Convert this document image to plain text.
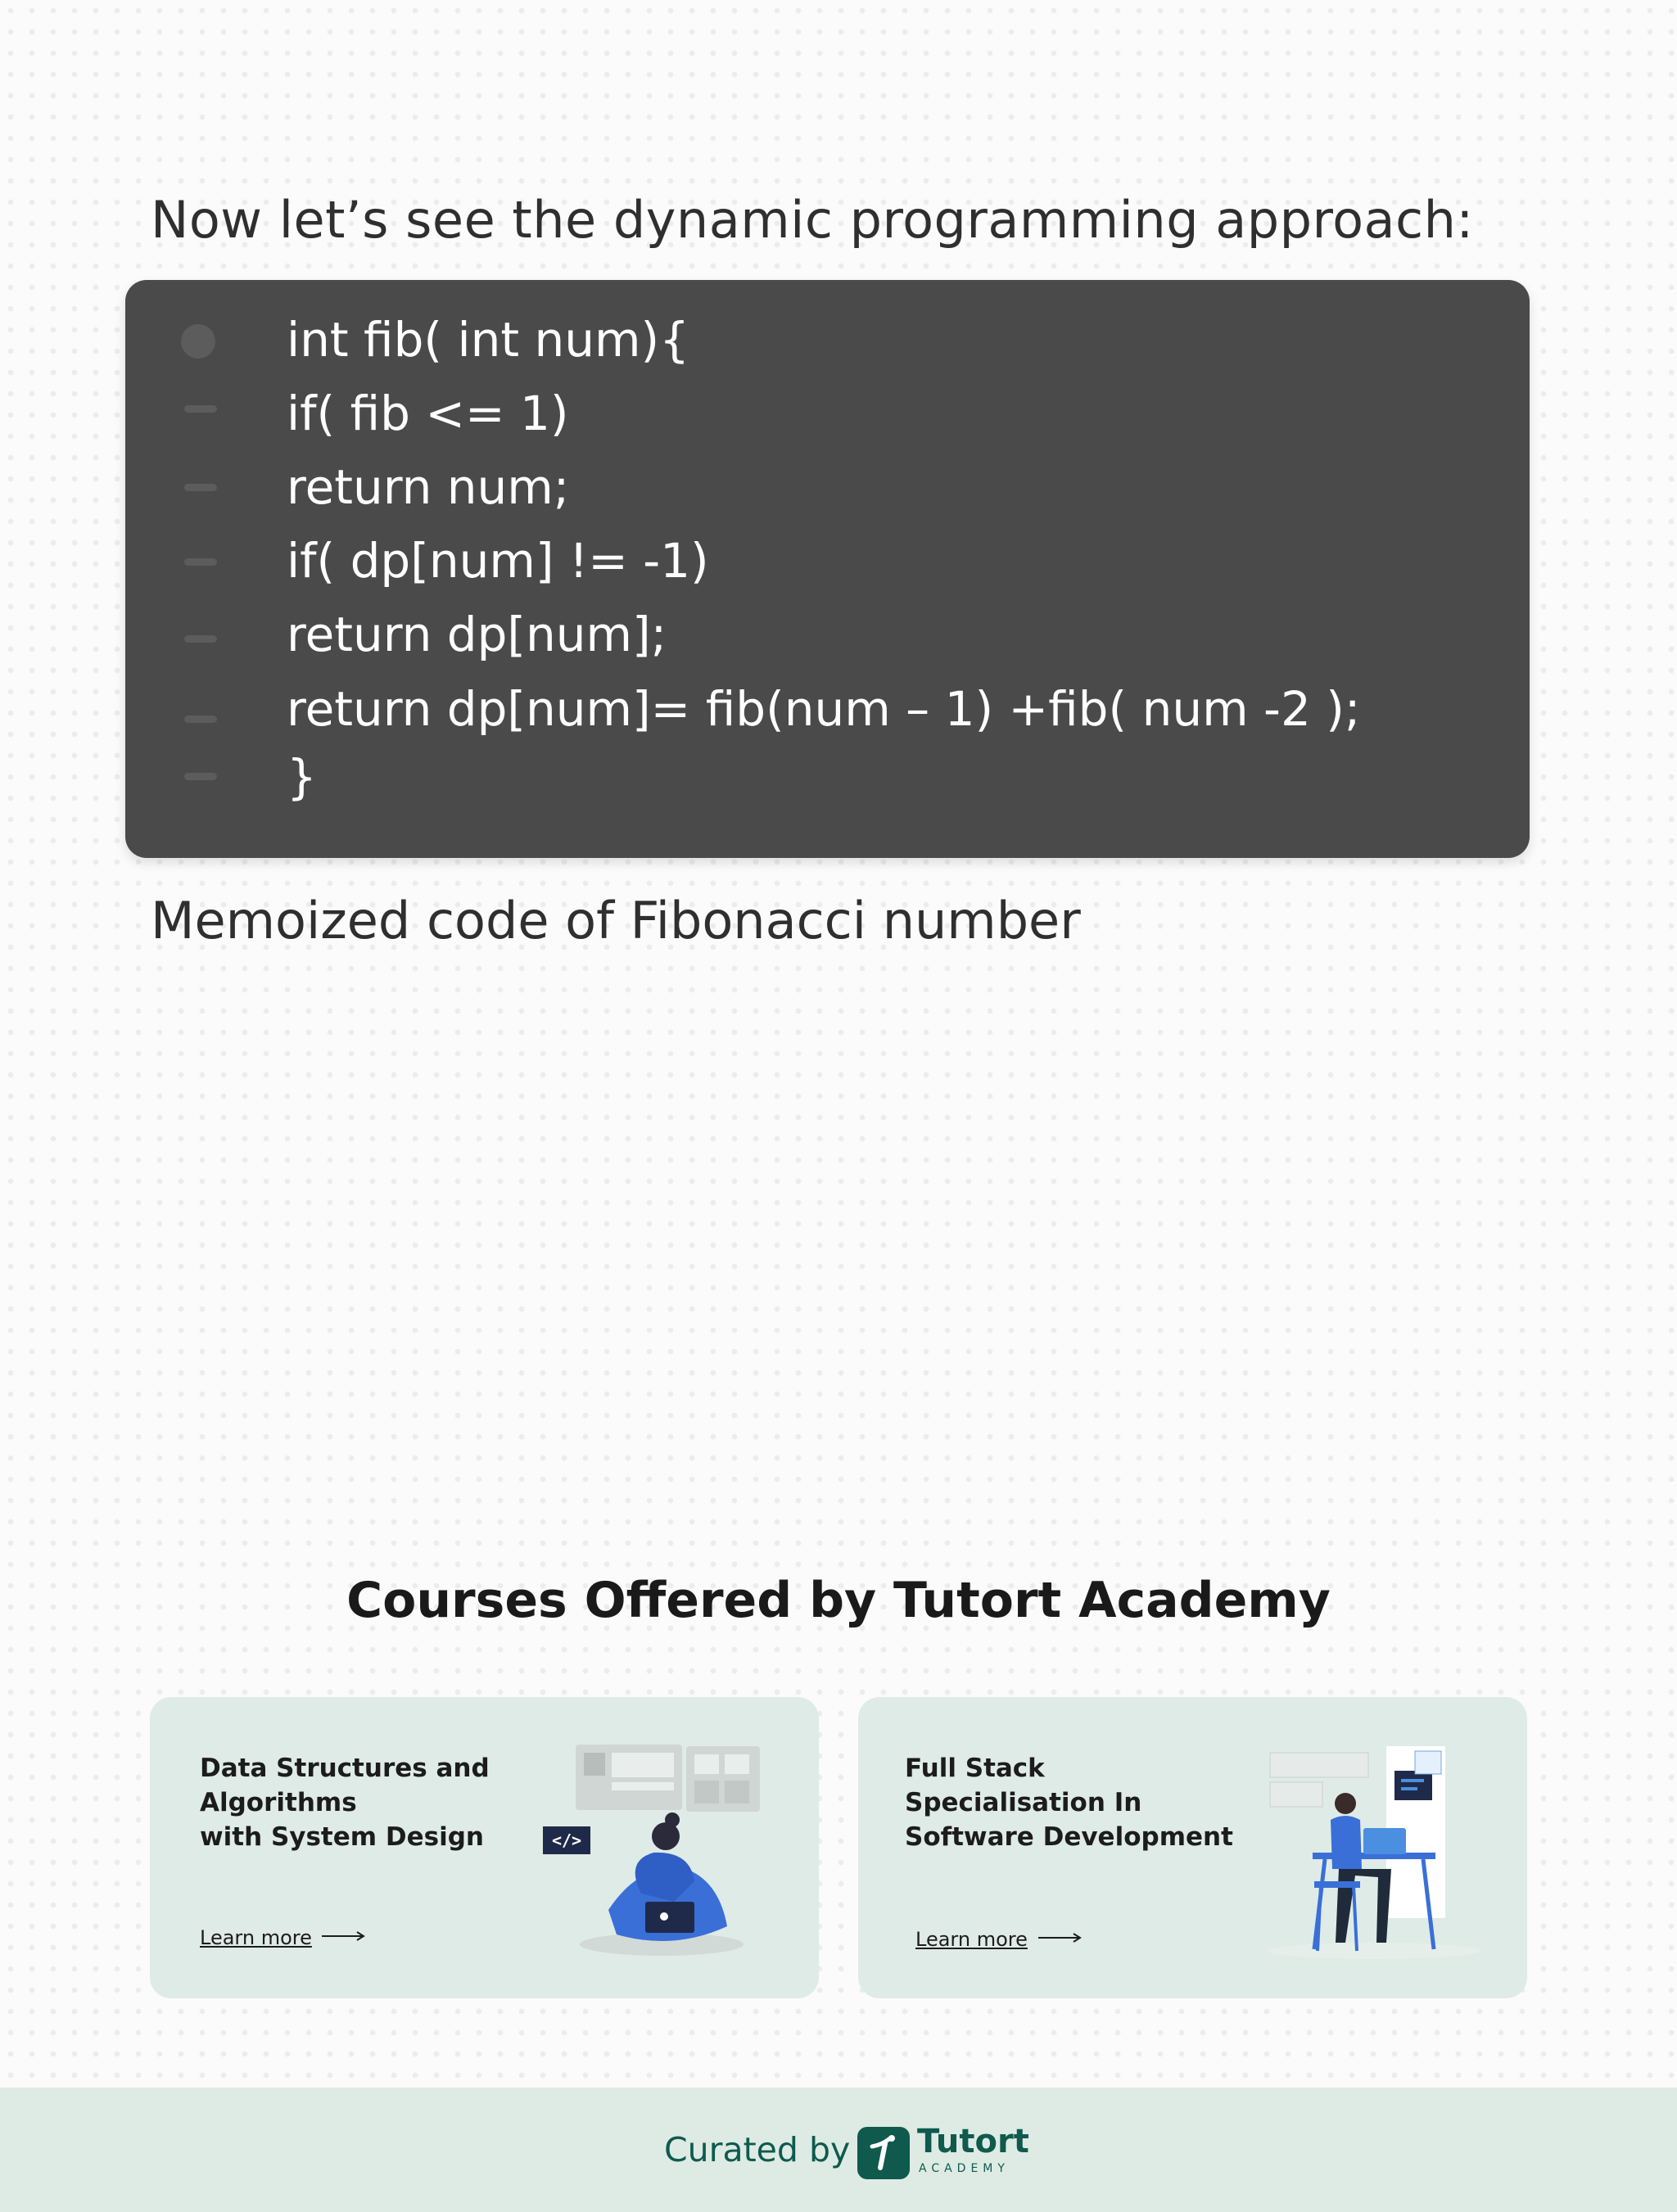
Now let’s see the dynamic programming approach:
int fib( int num){
if( fib <= 1)
return num;
if( dp[num] != -1)
return dp[num];
return dp[num]= fib(num – 1) +fib( num -2 );
}

Memoized code of Fibonacci number

Courses Offered by Tutort Academy
Data Structures and
Algorithms
with System Design
Learn more
</>
Full Stack Specialisation In
Software Development
Learn more
Curated by Tutort
ACADEMY
